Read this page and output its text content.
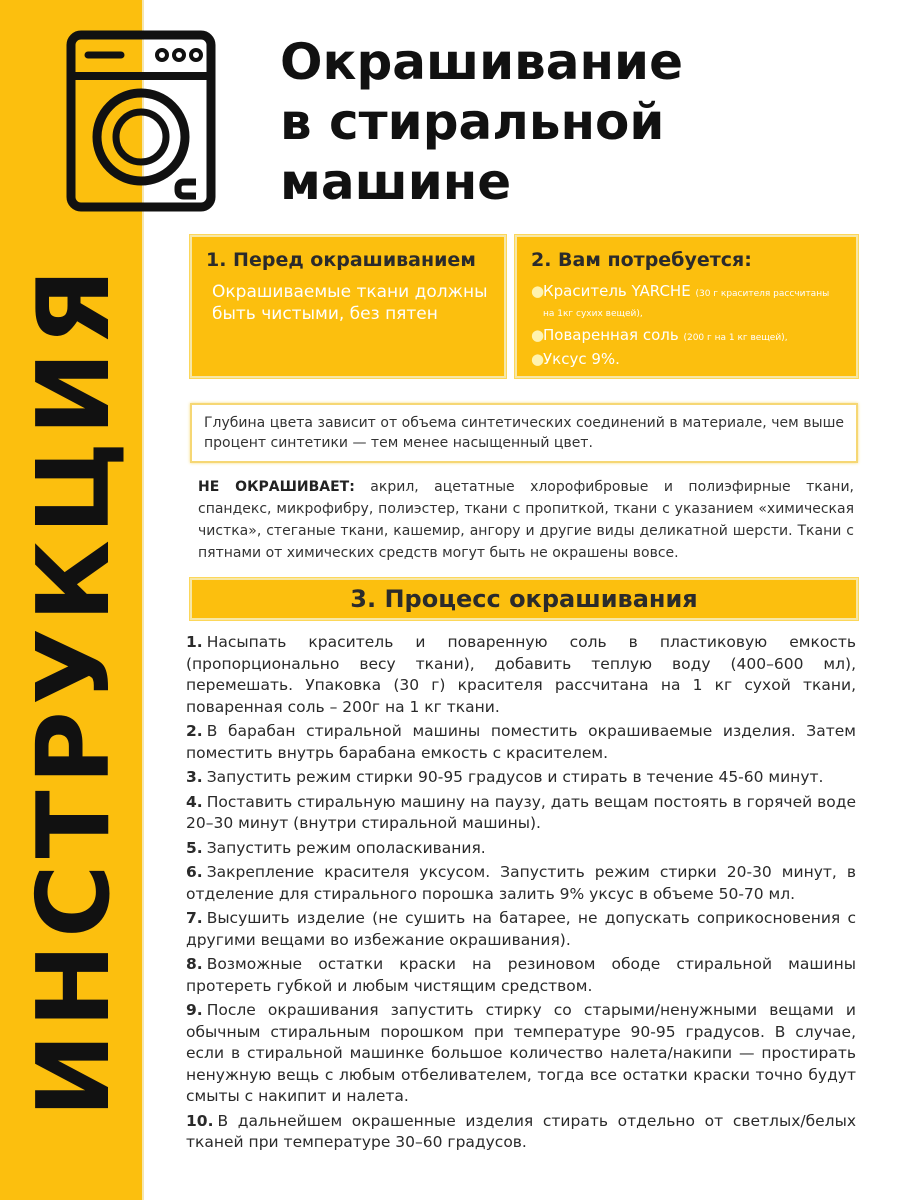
ИНСТРУКЦИЯ
Окрашивание
в стиральной
машине
1. Перед окрашиванием
Окрашиваемые ткани должны быть чистыми, без пятен
2. Вам потребуется:
●
Краситель YARCHE (30 г красителя рассчитаны на 1кг сухих вещей),
●
Поваренная соль (200 г на 1 кг вещей),
●
Уксус 9%.

Глубина цвета зависит от объема синтетических соединений в материале, чем выше процент синтетики — тем менее насыщенный цвет.

НЕ ОКРАШИВАЕТ: акрил, ацетатные хлорофибровые и полиэфирные ткани, спандекс, микрофибру, полиэстер, ткани с пропиткой, ткани с указанием «химическая чистка», стеганые ткани, кашемир, ангору и другие виды деликатной шерсти. Ткани с пятнами от химических средств могут быть не окрашены вовсе.

3. Процесс окрашивания
1. Насыпать краситель и поваренную соль в пластиковую емкость (пропорционально весу ткани), добавить теплую воду (400–600 мл), перемешать. Упаковка (30 г) красителя рассчитана на 1 кг сухой ткани, поваренная соль – 200г на 1 кг ткани.
2. В барабан стиральной машины поместить окрашиваемые изделия. Затем поместить внутрь барабана емкость с красителем.
3. Запустить режим стирки 90-95 градусов и стирать в течение 45-60 минут.
4. Поставить стиральную машину на паузу, дать вещам постоять в горячей воде 20–30 минут (внутри стиральной машины).
5. Запустить режим ополаскивания.
6. Закрепление красителя уксусом. Запустить режим стирки 20-30 минут, в отделение для стирального порошка залить 9% уксус в объеме 50-70 мл.
7. Высушить изделие (не сушить на батарее, не допускать соприкосновения с другими вещами во избежание окрашивания).
8. Возможные остатки краски на резиновом ободе стиральной машины протереть губкой и любым чистящим средством.
9. После окрашивания запустить стирку со старыми/ненужными вещами и обычным стиральным порошком при температуре 90-95 градусов. В случае, если в стиральной машинке большое количество налета/накипи — простирать ненужную вещь с любым отбеливателем, тогда все остатки краски точно будут смыты с накипит и налета.
10. В дальнейшем окрашенные изделия стирать отдельно от светлых/белых тканей при температуре 30–60 градусов.
